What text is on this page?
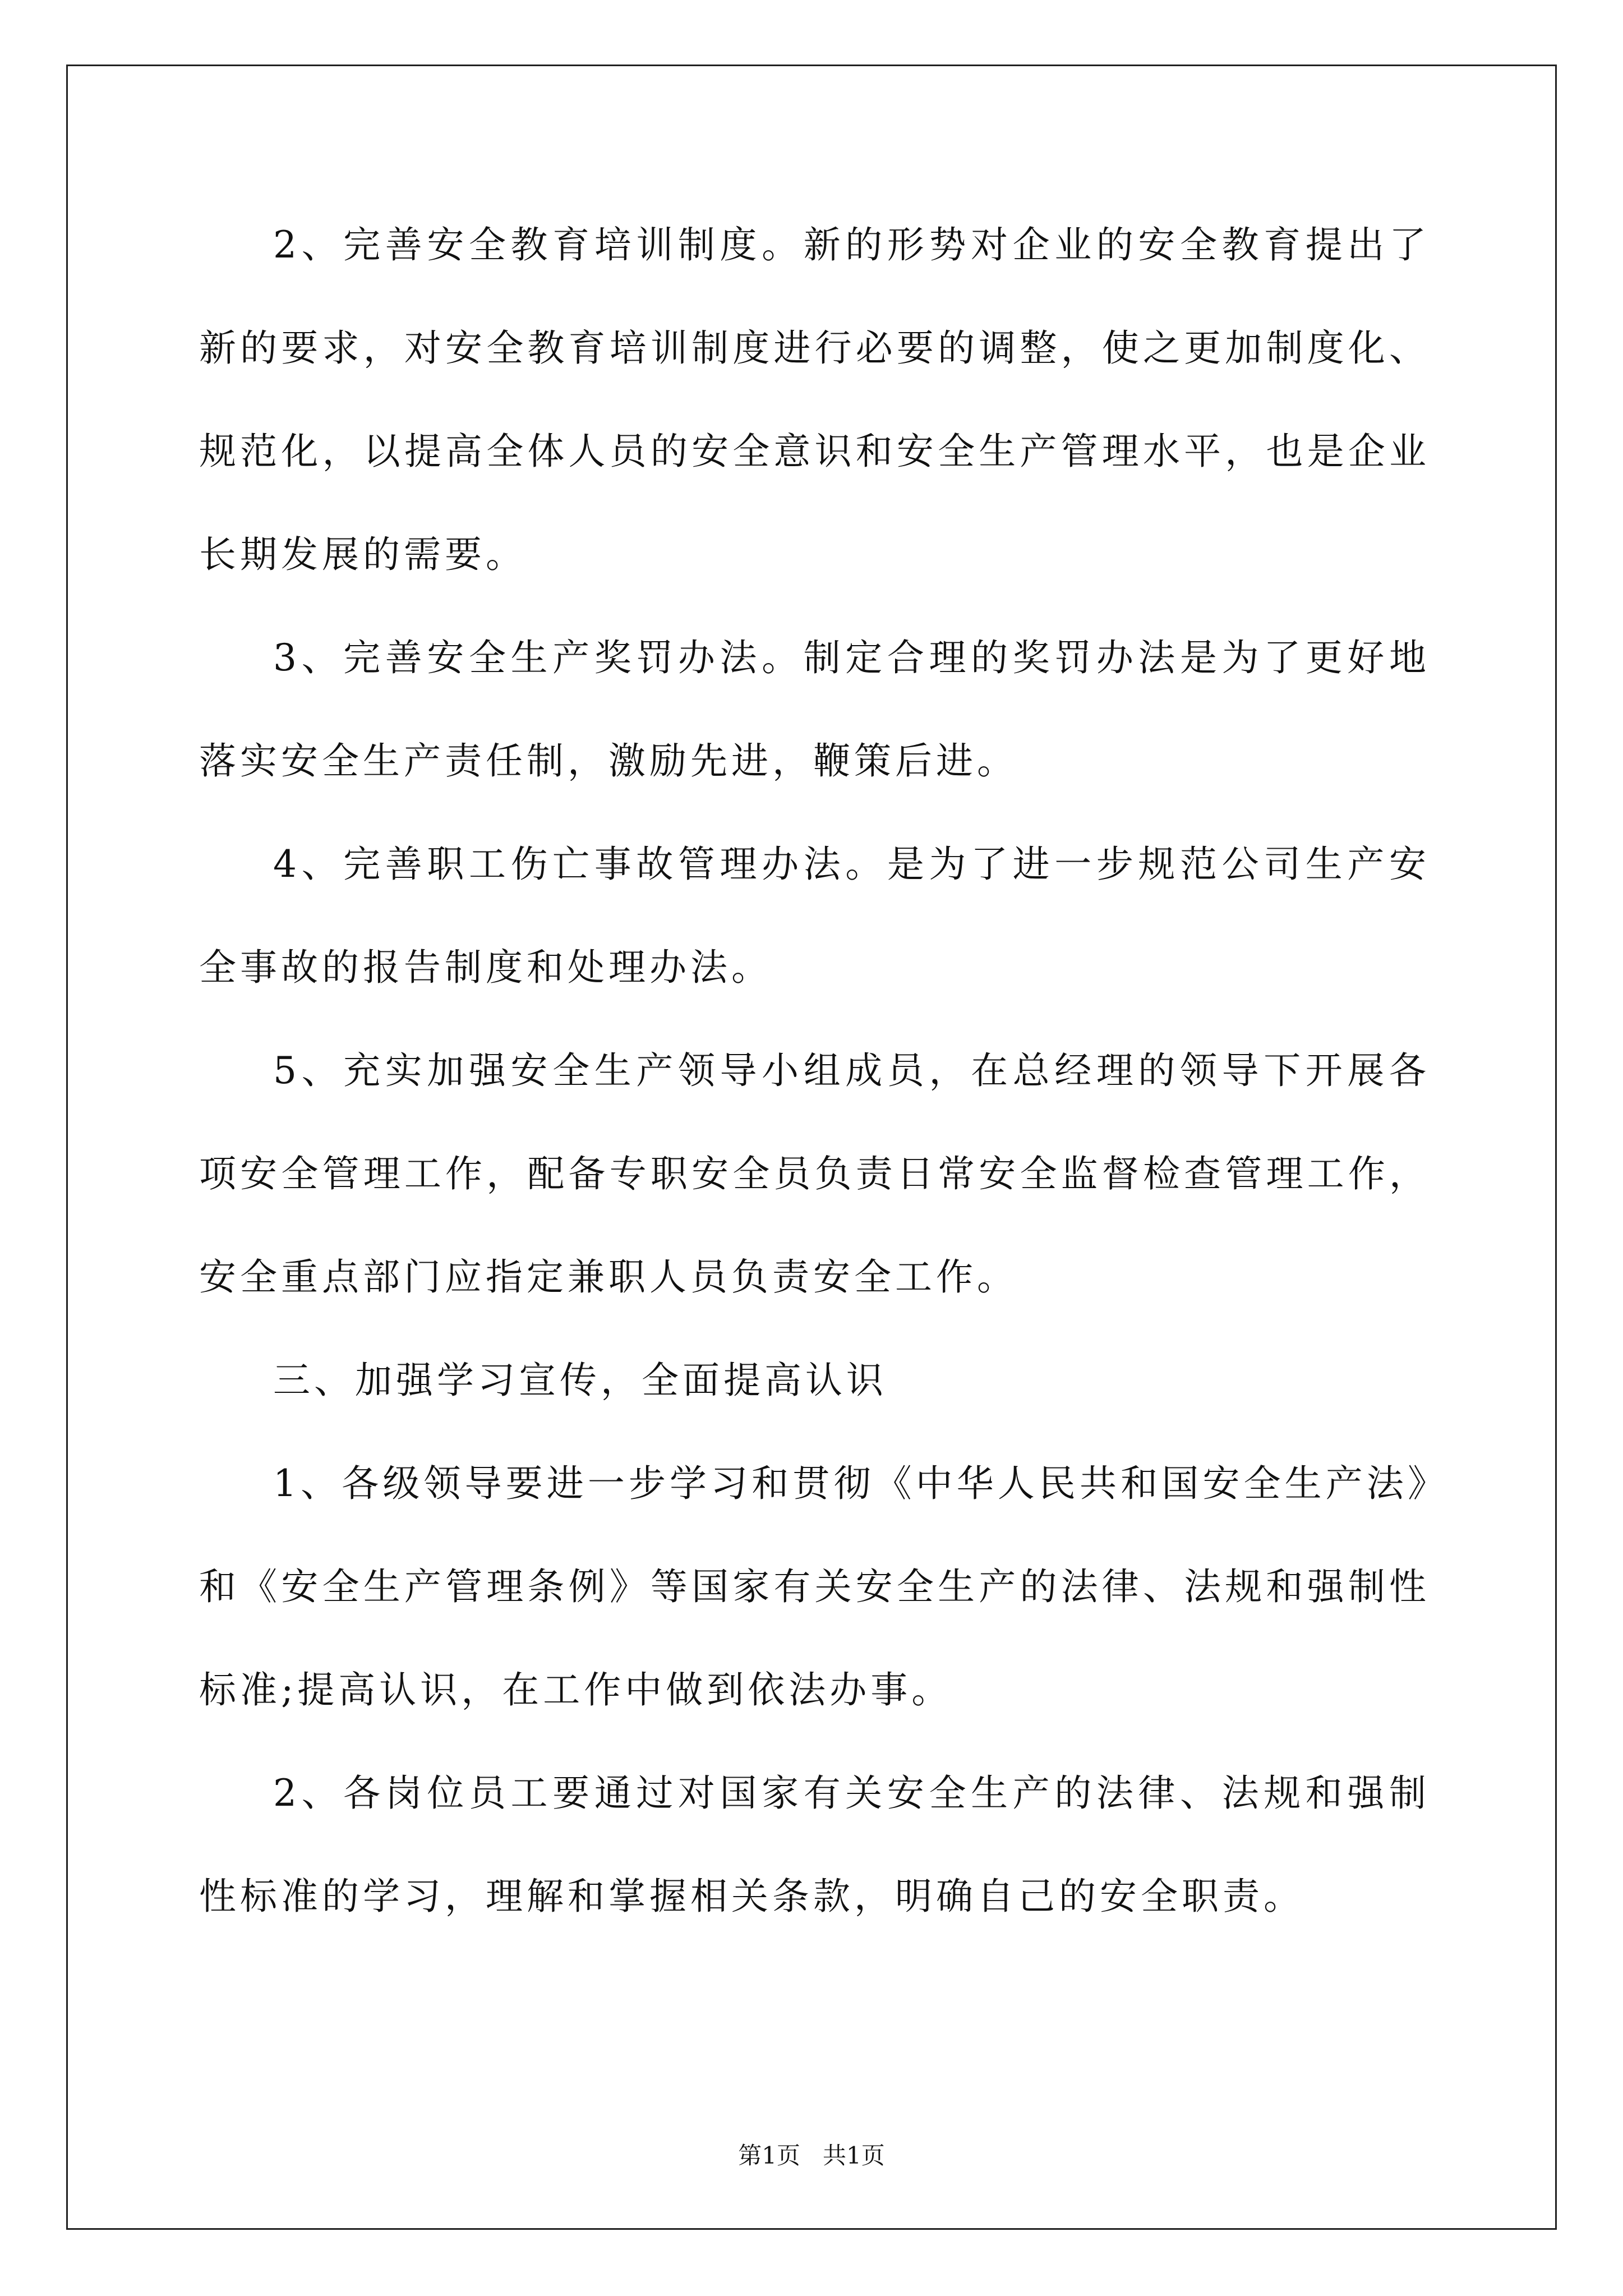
2、完善安全教育培训制度。新的形势对企业的安全教育提出了新的要求，对安全教育培训制度进行必要的调整，使之更加制度化、规范化，以提高全体人员的安全意识和安全生产管理水平，也是企业长期发展的需要。

3、完善安全生产奖罚办法。制定合理的奖罚办法是为了更好地落实安全生产责任制，激励先进，鞭策后进。

4、完善职工伤亡事故管理办法。是为了进一步规范公司生产安全事故的报告制度和处理办法。

5、充实加强安全生产领导小组成员，在总经理的领导下开展各项安全管理工作，配备专职安全员负责日常安全监督检查管理工作，安全重点部门应指定兼职人员负责安全工作。

三、加强学习宣传，全面提高认识

1、各级领导要进一步学习和贯彻《中华人民共和国安全生产法》和《安全生产管理条例》等国家有关安全生产的法律、法规和强制性标准;提高认识，在工作中做到依法办事。

2、各岗位员工要通过对国家有关安全生产的法律、法规和强制性标准的学习，理解和掌握相关条款，明确自己的安全职责。

第1页   共1页
